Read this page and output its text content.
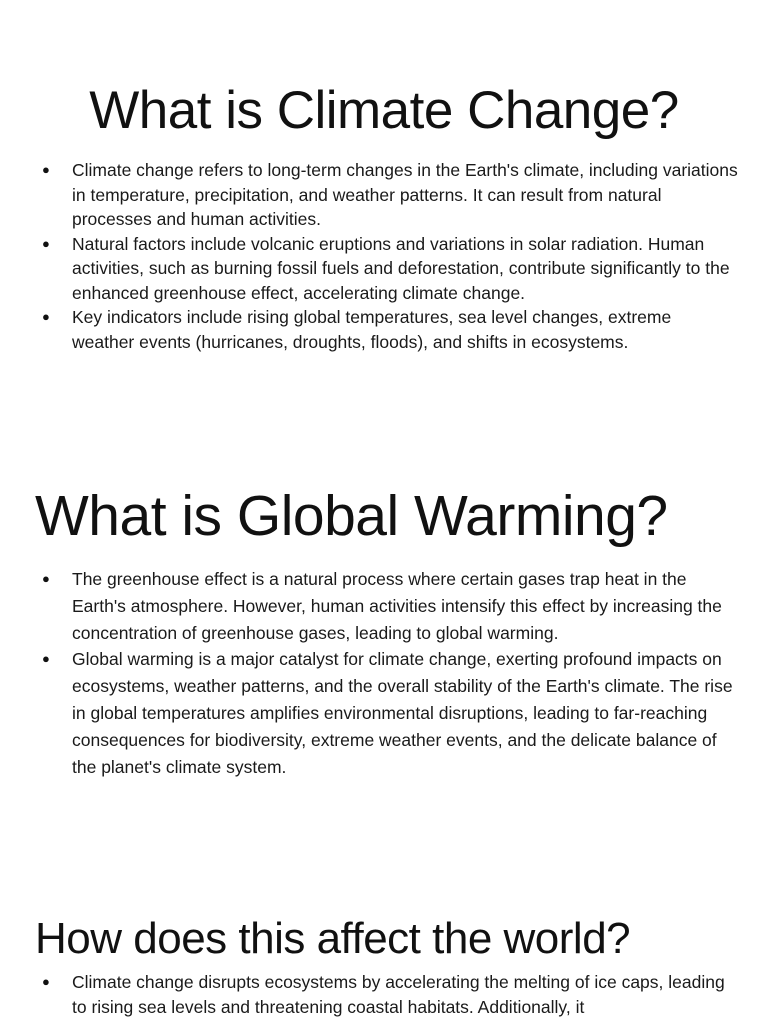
What is Climate Change?
● Climate change refers to long-term changes in the Earth's climate, including variations in temperature, precipitation, and weather patterns. It can result from natural processes and human activities.
● Natural factors include volcanic eruptions and variations in solar radiation. Human activities, such as burning fossil fuels and deforestation, contribute significantly to the enhanced greenhouse effect, accelerating climate change.
● Key indicators include rising global temperatures, sea level changes, extreme weather events (hurricanes, droughts, floods), and shifts in ecosystems.
What is Global Warming?
● The greenhouse effect is a natural process where certain gases trap heat in the Earth's atmosphere. However, human activities intensify this effect by increasing the concentration of greenhouse gases, leading to global warming.
● Global warming is a major catalyst for climate change, exerting profound impacts on ecosystems, weather patterns, and the overall stability of the Earth's climate. The rise in global temperatures amplifies environmental disruptions, leading to far-reaching consequences for biodiversity, extreme weather events, and the delicate balance of the planet's climate system.
How does this affect the world?
● Climate change disrupts ecosystems by accelerating the melting of ice caps, leading to rising sea levels and threatening coastal habitats. Additionally, it
